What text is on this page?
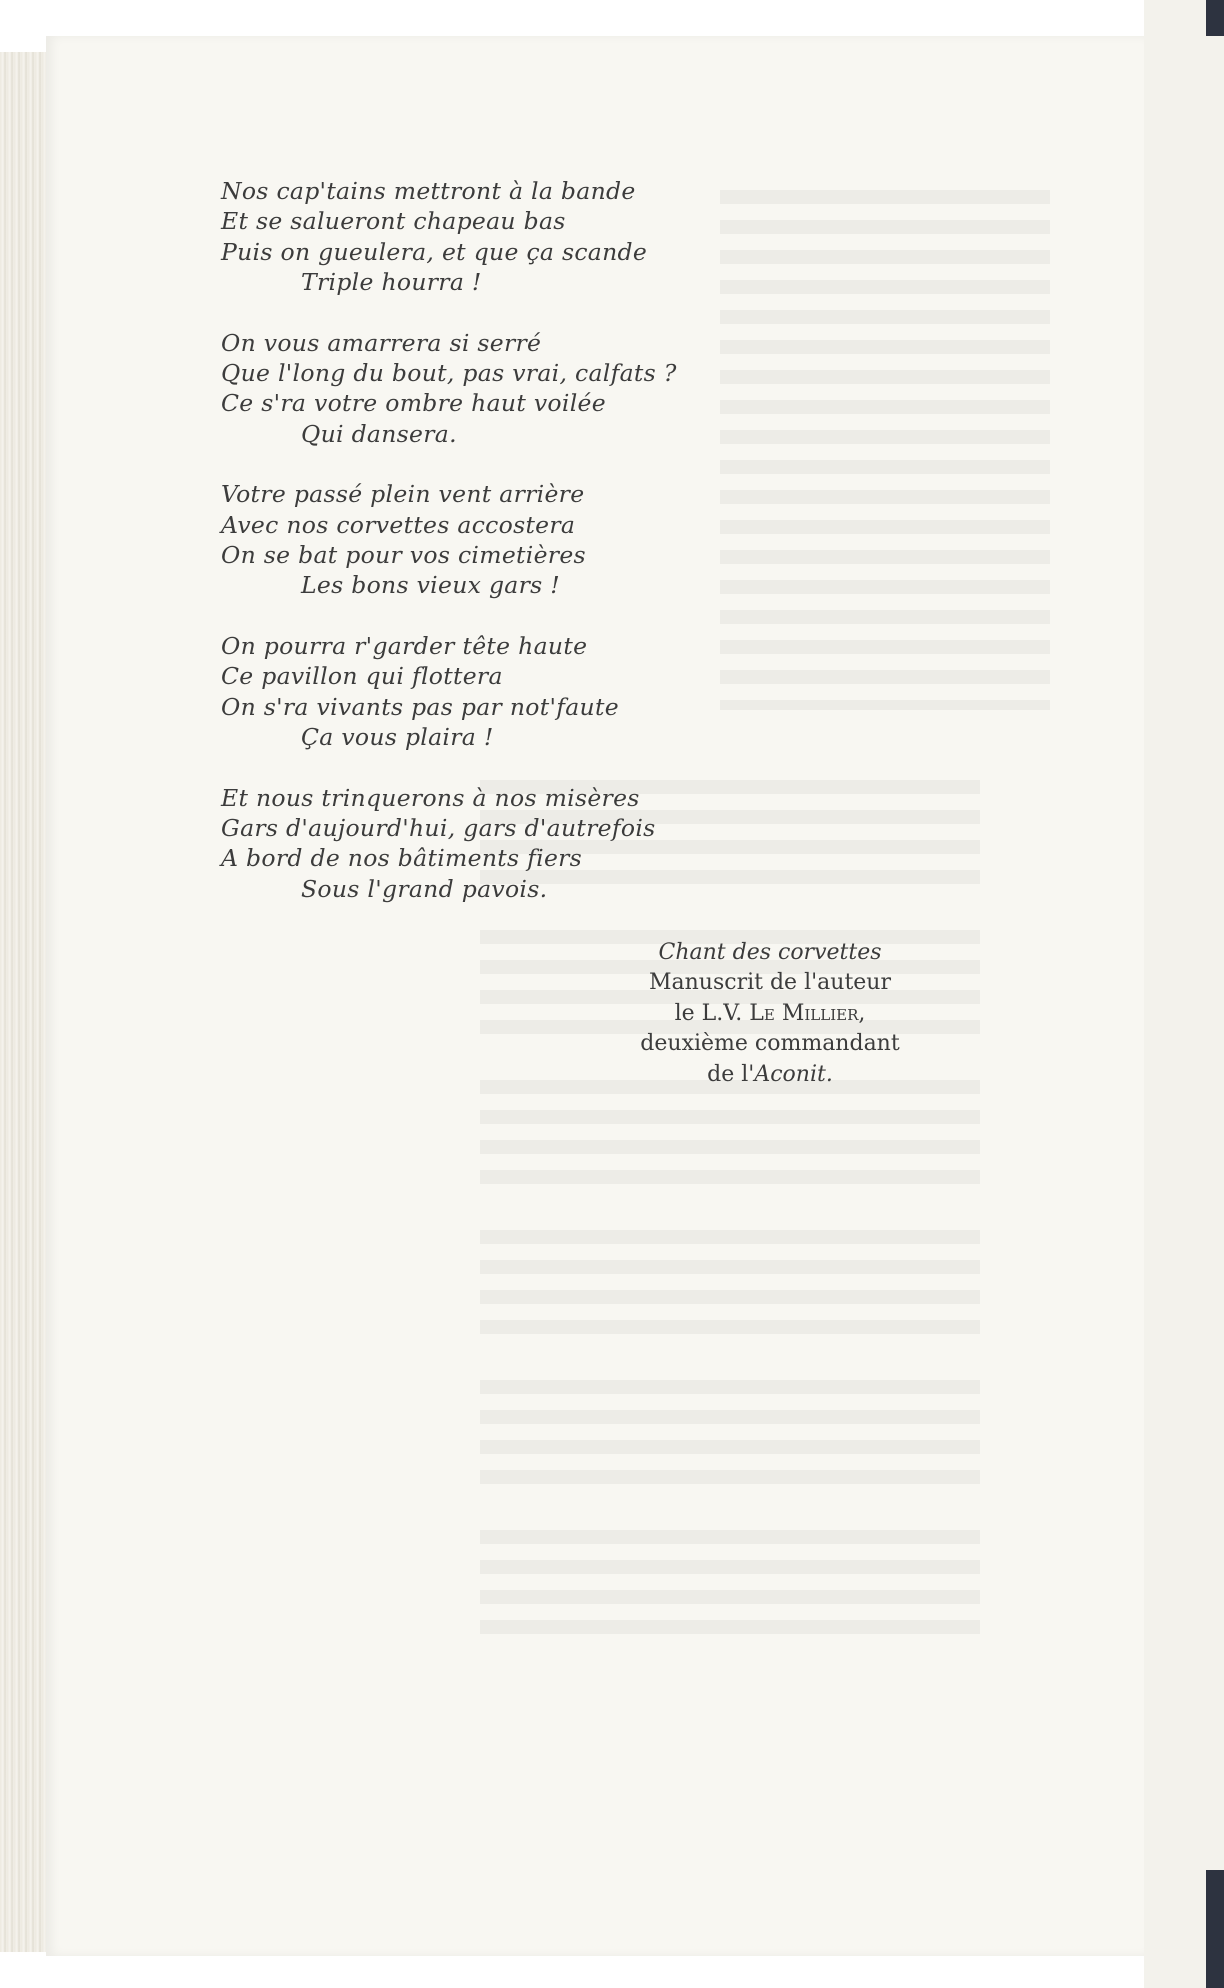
Nos cap'tains mettront à la bande
Et se salueront chapeau bas
Puis on gueulera, et que ça scande
Triple hourra !
On vous amarrera si serré
Que l'long du bout, pas vrai, calfats ?
Ce s'ra votre ombre haut voilée
Qui dansera.
Votre passé plein vent arrière
Avec nos corvettes accostera
On se bat pour vos cimetières
Les bons vieux gars !
On pourra r'garder tête haute
Ce pavillon qui flottera
On s'ra vivants pas par not'faute
Ça vous plaira !
Et nous trinquerons à nos misères
Gars d'aujourd'hui, gars d'autrefois
A bord de nos bâtiments fiers
Sous l'grand pavois.
Chant des corvettes
Manuscrit de l'auteur
le L.V. Le Millier,
deuxième commandant
de l'Aconit.
